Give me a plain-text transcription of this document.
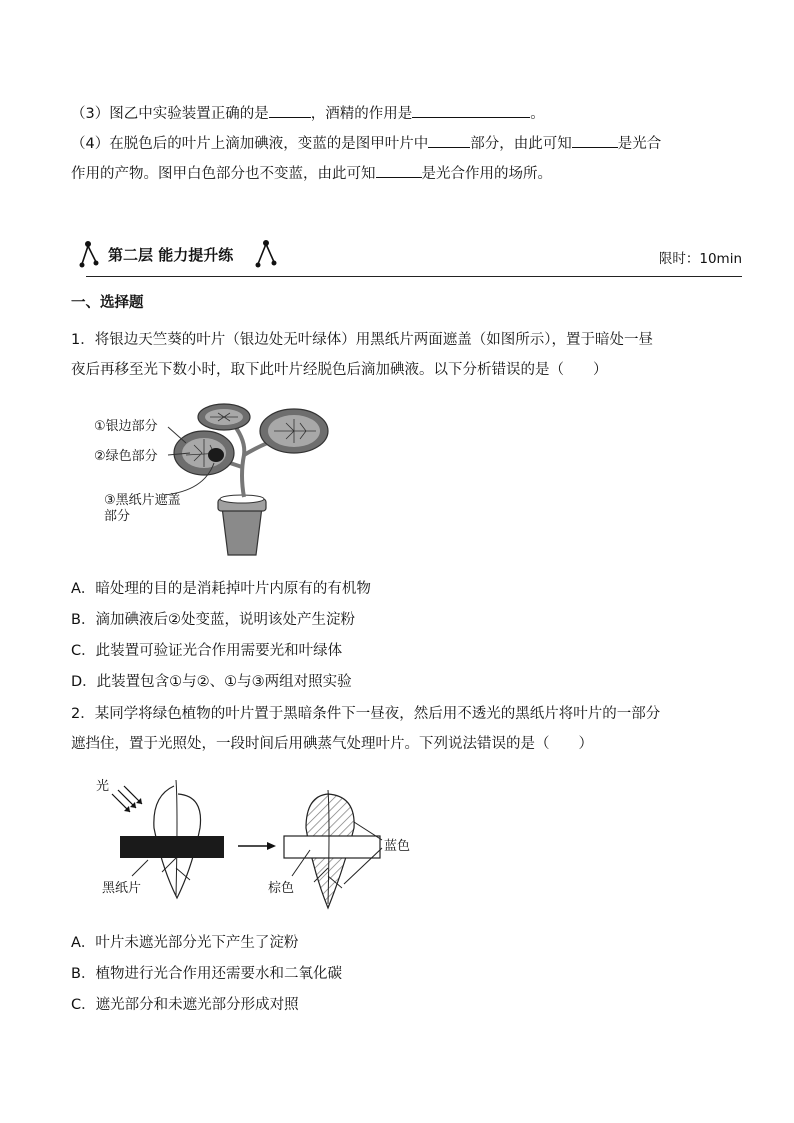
（3）图乙中实验装置正确的是	，酒精的作用是	。
（4）在脱色后的叶片上滴加碘液，变蓝的是图甲叶片中	部分，由此可知	是光合
作用的产物。图甲白色部分也不变蓝，由此可知	是光合作用的场所。
第二层 能力提升练	限时：10min
一、选择题
1．将银边天竺葵的叶片（银边处无叶绿体）用黑纸片两面遮盖（如图所示），置于暗处一昼
夜后再移至光下数小时，取下此叶片经脱色后滴加碘液。以下分析错误的是（　　）
①银边部分
②绿色部分
③黑纸片遮盖
部分
A．暗处理的目的是消耗掉叶片内原有的有机物
B．滴加碘液后②处变蓝，说明该处产生淀粉
C．此装置可验证光合作用需要光和叶绿体
D．此装置包含①与②、①与③两组对照实验
2．某同学将绿色植物的叶片置于黑暗条件下一昼夜，然后用不透光的黑纸片将叶片的一部分
遮挡住，置于光照处，一段时间后用碘蒸气处理叶片。下列说法错误的是（　　）
光
黑纸片
蓝色
棕色
A．叶片未遮光部分光下产生了淀粉
B．植物进行光合作用还需要水和二氧化碳
C．遮光部分和未遮光部分形成对照
